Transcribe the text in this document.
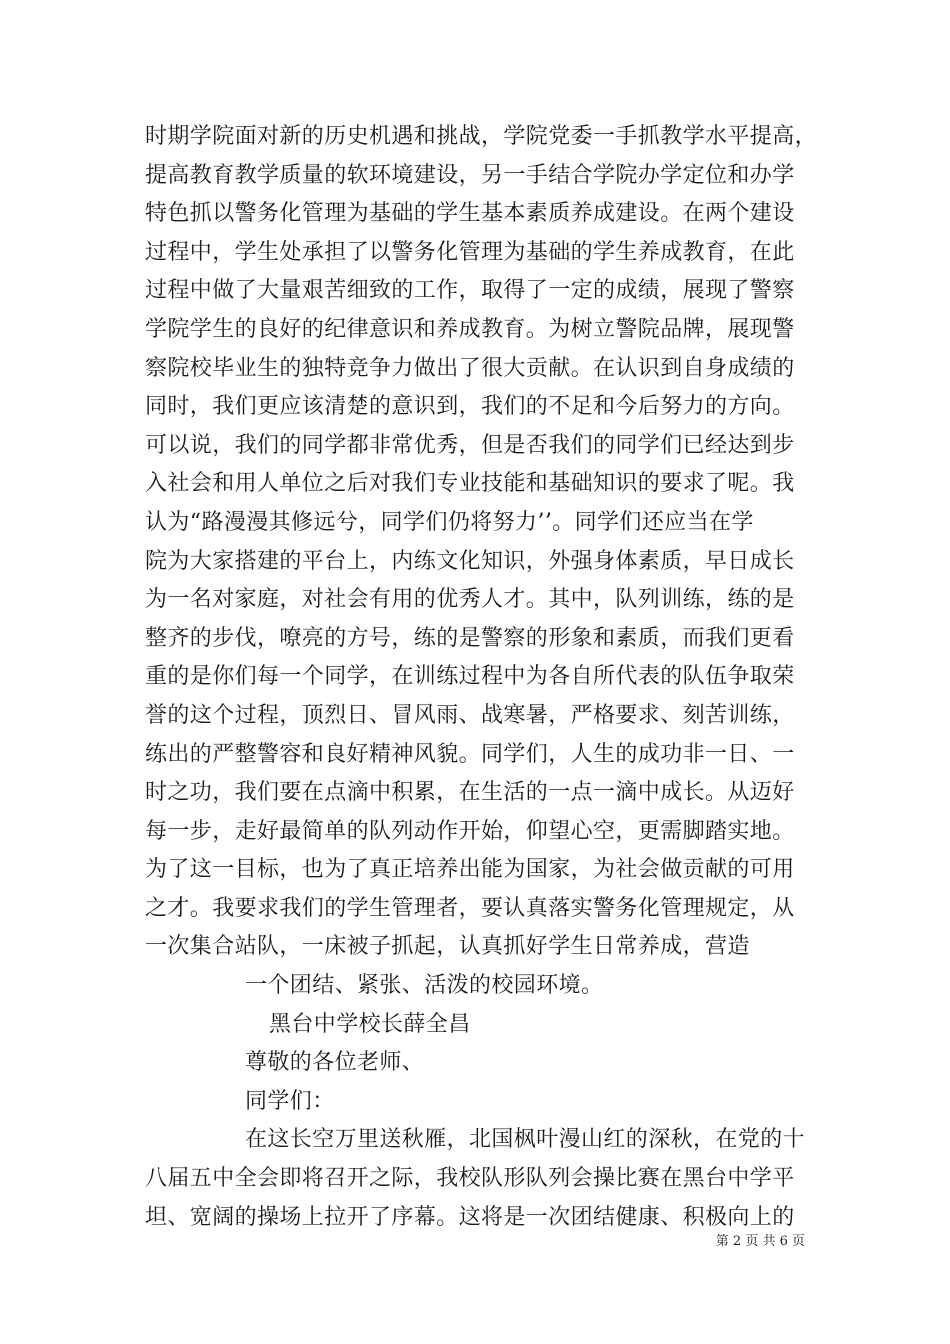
时期学院面对新的历史机遇和挑战，学院党委一手抓教学水平提高，
提高教育教学质量的软环境建设，另一手结合学院办学定位和办学
特色抓以警务化管理为基础的学生基本素质养成建设。在两个建设
过程中，学生处承担了以警务化管理为基础的学生养成教育，在此
过程中做了大量艰苦细致的工作，取得了一定的成绩，展现了警察
学院学生的良好的纪律意识和养成教育。为树立警院品牌，展现警
察院校毕业生的独特竞争力做出了很大贡献。在认识到自身成绩的
同时，我们更应该清楚的意识到，我们的不足和今后努力的方向。
可以说，我们的同学都非常优秀，但是否我们的同学们已经达到步
入社会和用人单位之后对我们专业技能和基础知识的要求了呢。我
认为“路漫漫其修远兮，同学们仍将努力’’。同学们还应当在学
院为大家搭建的平台上，内练文化知识，外强身体素质，早日成长
为一名对家庭，对社会有用的优秀人才。其中，队列训练，练的是
整齐的步伐，嘹亮的方号，练的是警察的形象和素质，而我们更看
重的是你们每一个同学，在训练过程中为各自所代表的队伍争取荣
誉的这个过程，顶烈日、冒风雨、战寒暑，严格要求、刻苦训练，
练出的严整警容和良好精神风貌。同学们，人生的成功非一日、一
时之功，我们要在点滴中积累，在生活的一点一滴中成长。从迈好
每一步，走好最简单的队列动作开始，仰望心空，更需脚踏实地。
为了这一目标，也为了真正培养出能为国家，为社会做贡献的可用
之才。我要求我们的学生管理者，要认真落实警务化管理规定，从
一次集合站队，一床被子抓起，认真抓好学生日常养成，营造
一个团结、紧张、活泼的校园环境。
黑台中学校长薛全昌
尊敬的各位老师、
同学们：
在这长空万里送秋雁，北国枫叶漫山红的深秋，在党的十
八届五中全会即将召开之际，我校队形队列会操比赛在黑台中学平
坦、宽阔的操场上拉开了序幕。这将是一次团结健康、积极向上的
第 2 页 共 6 页
